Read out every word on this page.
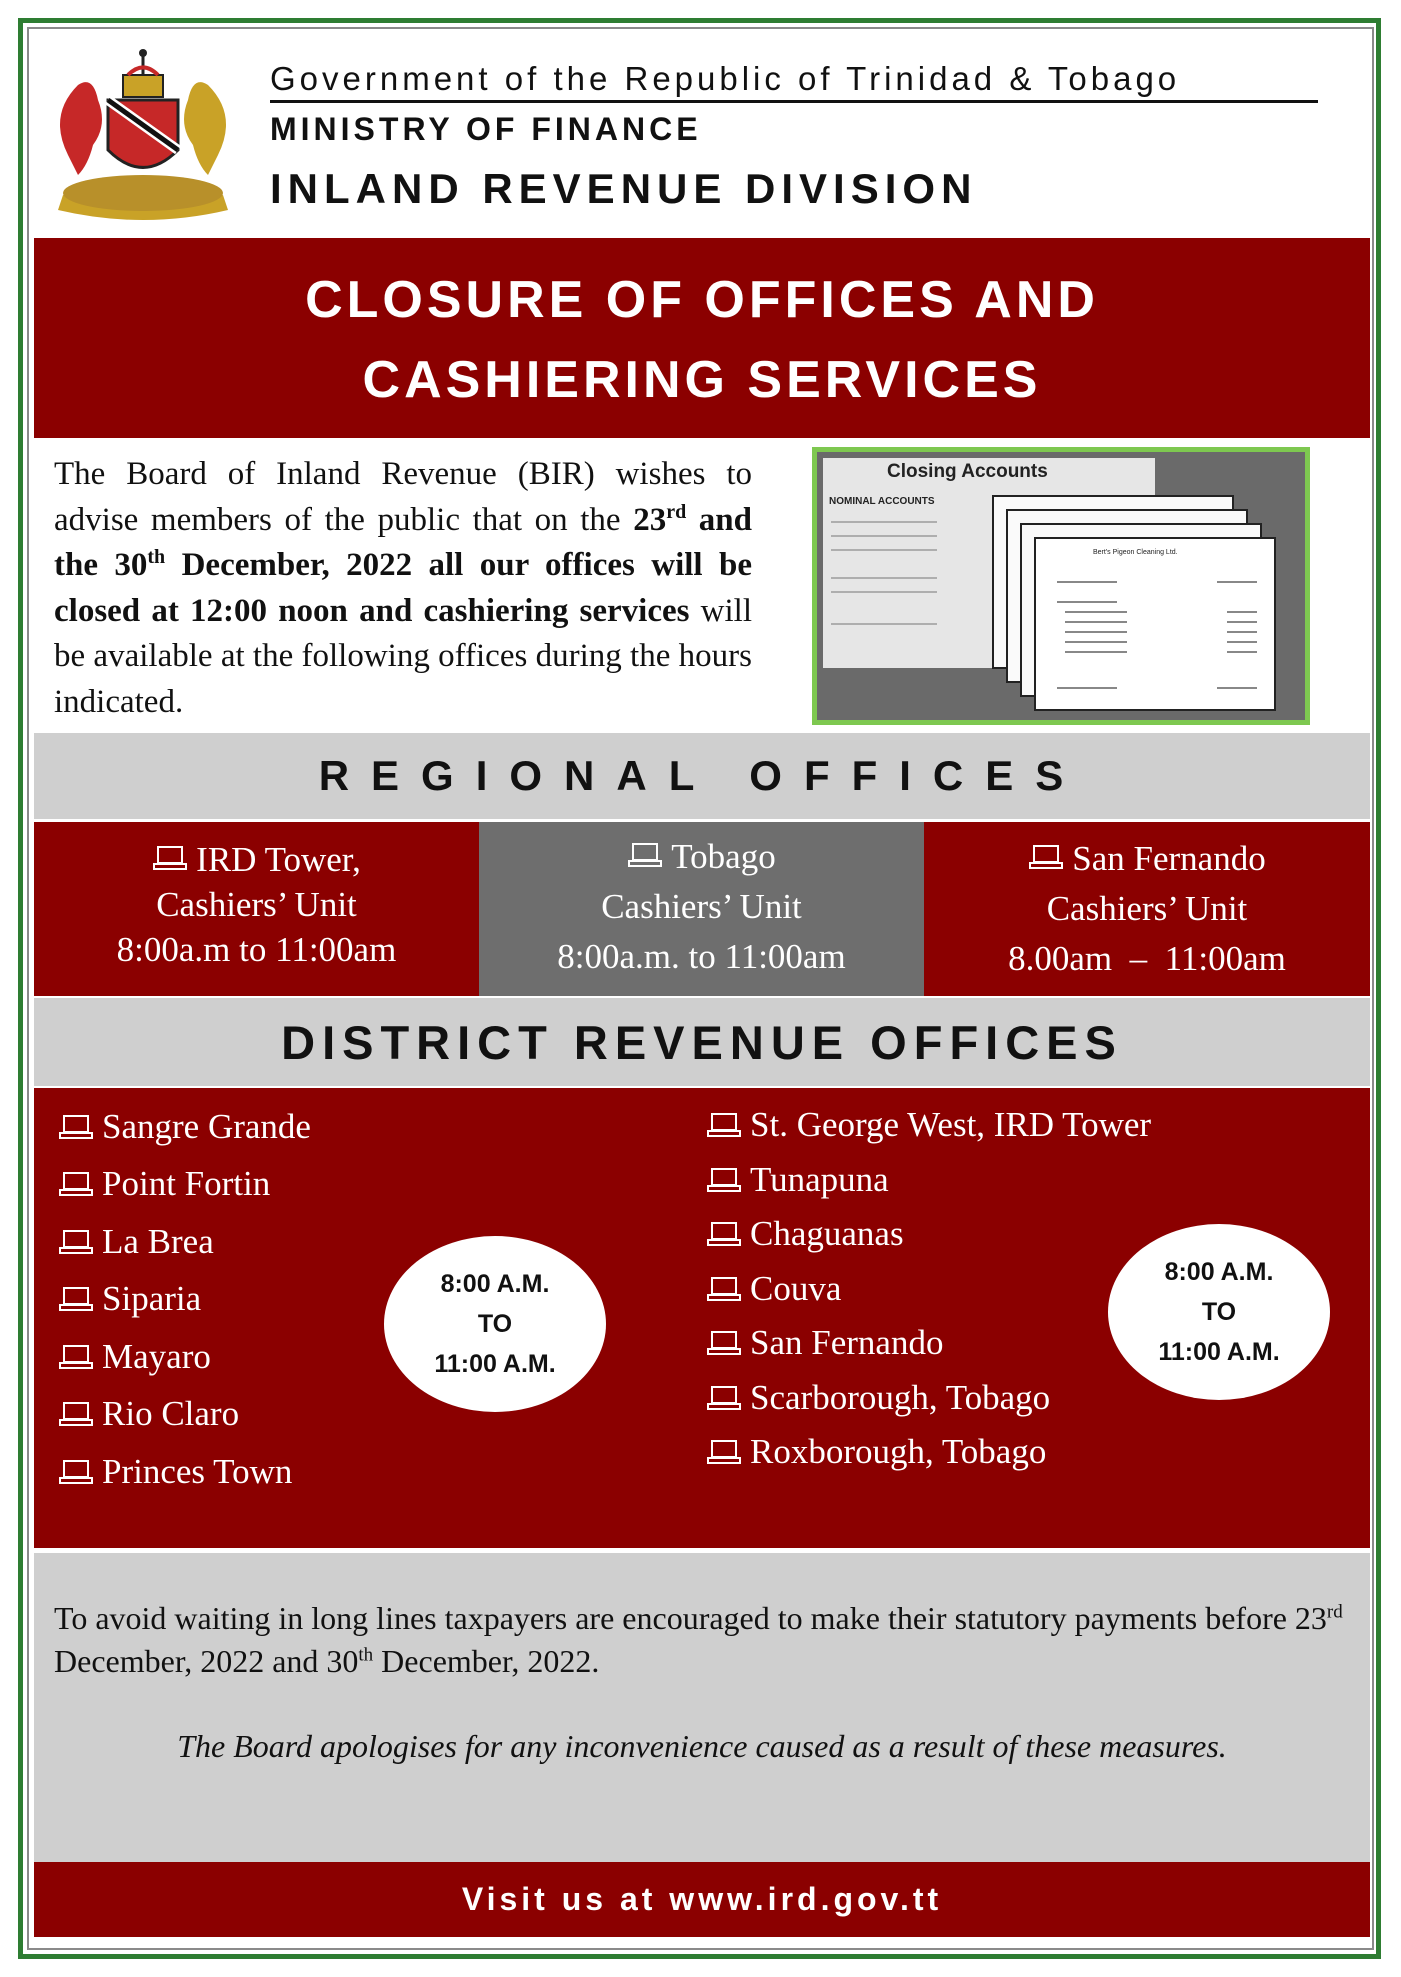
Government of the Republic of Trinidad & Tobago
MINISTRY OF FINANCE
INLAND REVENUE DIVISION
CLOSURE OF OFFICES AND
CASHIERING SERVICES
The Board of Inland Revenue (BIR) wishes to advise members of the public that on the 23rd and the 30th December, 2022 all our offices will be closed at 12:00 noon and cashiering services will be available at the following offices during the hours indicated.
Closing Accounts
NOMINAL ACCOUNTS
Bert's Pigeon Cleaning Ltd.
REGIONAL OFFICES
IRD Tower,
Cashiers’ Unit
8:00a.m to 11:00am
Tobago
Cashiers’ Unit
8:00a.m. to 11:00am
San Fernando
Cashiers’ Unit
8.00am  –  11:00am
DISTRICT REVENUE OFFICES
Sangre Grande
Point Fortin
La Brea
Siparia
Mayaro
Rio Claro
Princes Town
8:00 A.M.
TO
11:00 A.M.
St. George West, IRD Tower
Tunapuna
Chaguanas
Couva
San Fernando
Scarborough, Tobago
Roxborough, Tobago
8:00 A.M.
TO
11:00 A.M.
To avoid waiting in long lines taxpayers are encouraged to make their statutory payments before 23rd December, 2022 and 30th December, 2022.
The Board apologises for any inconvenience caused as a result of these measures.
Visit us at www.ird.gov.tt
